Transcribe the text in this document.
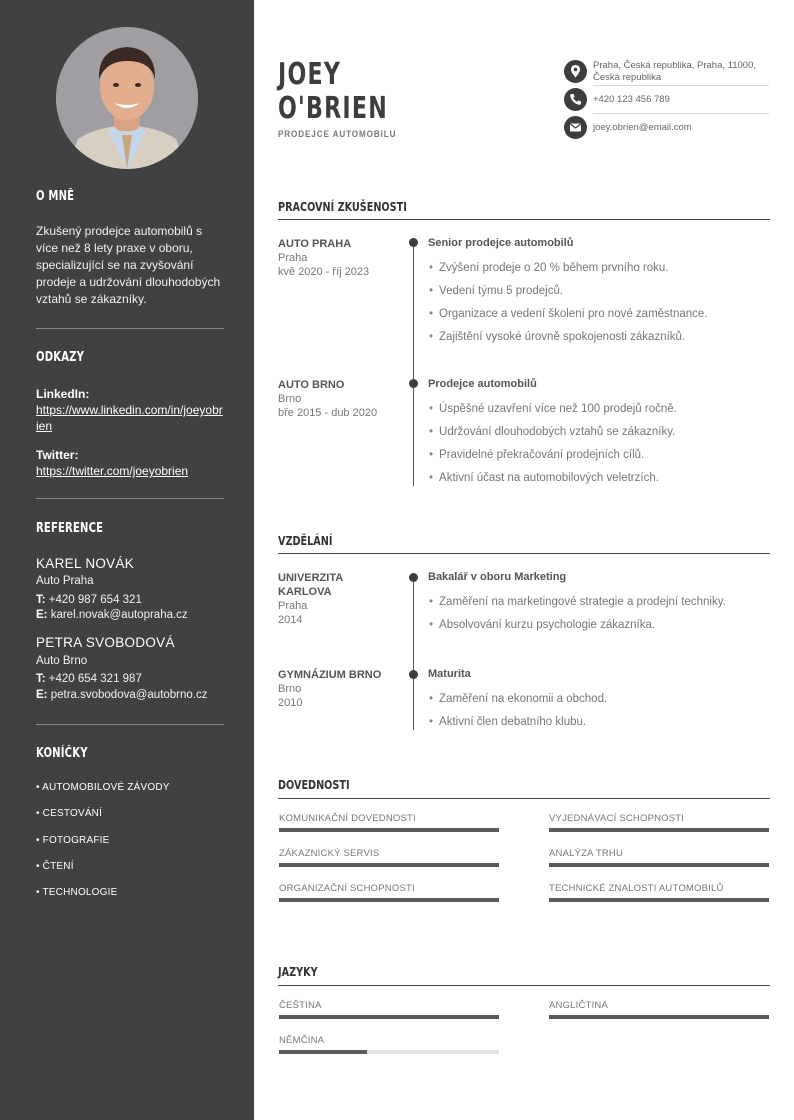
O MNĚ
Zkušený prodejce automobilů s více než 8 lety praxe v oboru, specializující se na zvyšování prodeje a udržování dlouhodobých vztahů se zákazníky.
ODKAZY
LinkedIn:
https://www.linkedin.com/in/joeyobrien
Twitter:
https://twitter.com/joeyobrien
REFERENCE
KAREL NOVÁK
Auto Praha
T: +420 987 654 321
E: karel.novak@autopraha.cz
PETRA SVOBODOVÁ
Auto Brno
T: +420 654 321 987
E: petra.svobodova@autobrno.cz
KONÍČKY
• AUTOMOBILOVÉ ZÁVODY
• CESTOVÁNÍ
• FOTOGRAFIE
• ČTENÍ
• TECHNOLOGIE
JOEY
O'BRIEN
PRODEJCE AUTOMOBILU
Praha, Česká republika, Praha, 11000, Česká republika
+420 123 456 789
joey.obrien@email.com
PRACOVNÍ ZKUŠENOSTI
AUTO PRAHA
Praha
kvě 2020 - říj 2023
Senior prodejce automobilů
• Zvýšení prodeje o 20 % během prvního roku.
• Vedení týmu 5 prodejců.
• Organizace a vedení školení pro nové zaměstnance.
• Zajištění vysoké úrovně spokojenosti zákazníků.
AUTO BRNO
Brno
bře 2015 - dub 2020
Prodejce automobilů
• Úspěšné uzavření více než 100 prodejů ročně.
• Udržování dlouhodobých vztahů se zákazníky.
• Pravidelné překračování prodejních cílů.
• Aktivní účast na automobilových veletrzích.
VZDĚLÁNÍ
UNIVERZITA KARLOVA
Praha
2014
Bakalář v oboru Marketing
• Zaměření na marketingové strategie a prodejní techniky.
• Absolvování kurzu psychologie zákazníka.
GYMNÁZIUM BRNO
Brno
2010
Maturita
• Zaměření na ekonomii a obchod.
• Aktivní člen debatního klubu.
DOVEDNOSTI
KOMUNIKAČNÍ DOVEDNOSTI	VYJEDNÁVACÍ SCHOPNOSTI
ZÁKAZNICKÝ SERVIS	ANALÝZA TRHU
ORGANIZAČNÍ SCHOPNOSTI	TECHNICKÉ ZNALOSTI AUTOMOBILŮ
JAZYKY
ČEŠTINA	ANGLIČTINA
NĚMČINA
